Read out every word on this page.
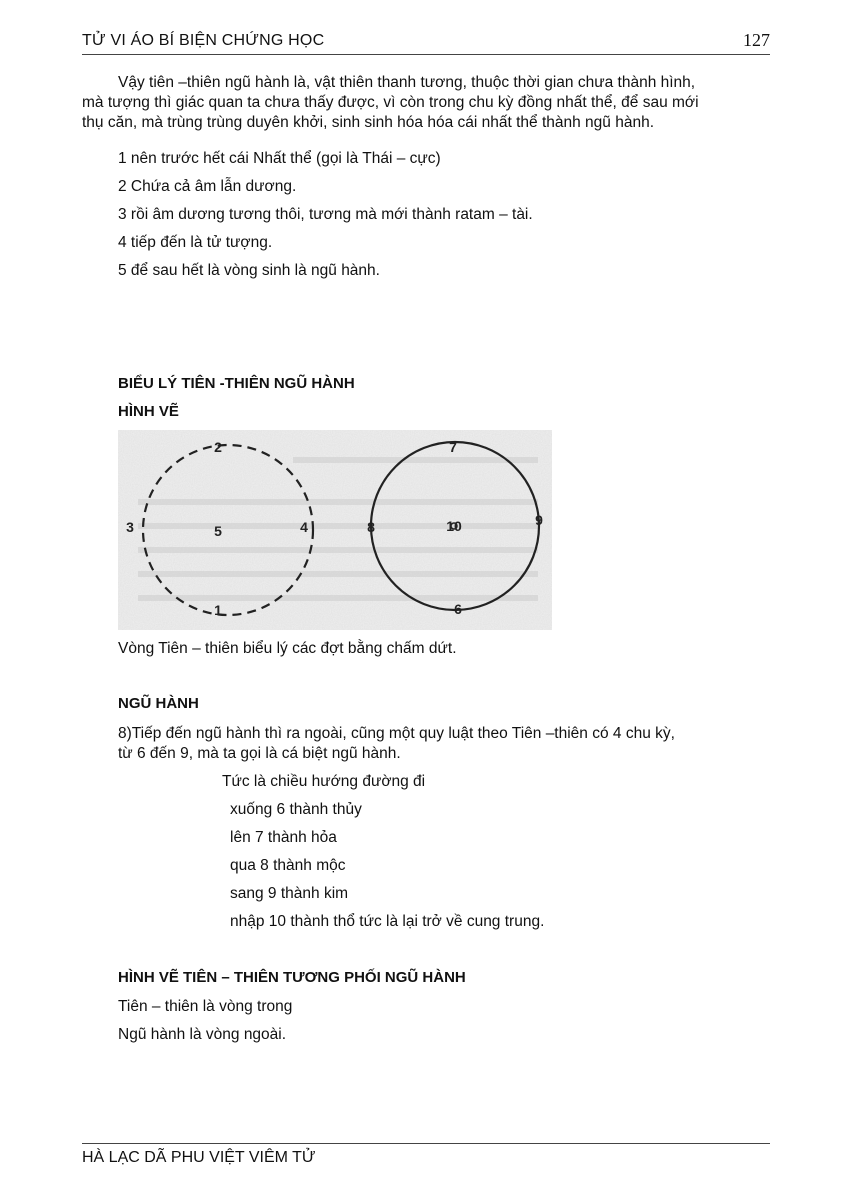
TỬ VI ÁO BÍ BIỆN CHỨNG HỌC	127
Vậy tiên –thiên ngũ hành là, vật thiên thanh tương, thuộc thời gian chưa thành hình,
mà tượng thì giác quan ta chưa thấy được, vì còn trong chu kỳ đồng nhất thể, để sau mới
thụ căn, mà trùng trùng duyên khởi, sinh sinh hóa hóa cái nhất thể thành ngũ hành.
1 nên trước hết cái Nhất thể (gọi là Thái – cực)
2 Chứa cả âm lẫn dương.
3 rồi âm dương tương thôi, tương mà mới thành ratam – tài.
4 tiếp đến là tử tượng.
5 để sau hết là vòng sinh là ngũ hành.
BIỂU LÝ TIÊN -THIÊN NGŨ HÀNH
HÌNH VẼ
2
5
3	4
1
7
10
8	9
6
Vòng Tiên – thiên biểu lý các đợt bằng chấm dứt.
NGŨ HÀNH
8)Tiếp đến ngũ hành thì ra ngoài, cũng một quy luật theo Tiên –thiên có 4 chu kỳ,
từ 6 đến 9, mà ta gọi là cá biệt ngũ hành.
Tức là chiều hướng đường đi
xuống 6 thành thủy
lên 7 thành hỏa
qua 8 thành mộc
sang 9 thành kim
nhập 10 thành thổ tức là lại trở về cung trung.
HÌNH VẼ TIÊN – THIÊN TƯƠNG PHỐI NGŨ HÀNH
Tiên – thiên là vòng trong
Ngũ hành là vòng ngoài.
HÀ LẠC DÃ PHU VIỆT VIÊM TỬ
